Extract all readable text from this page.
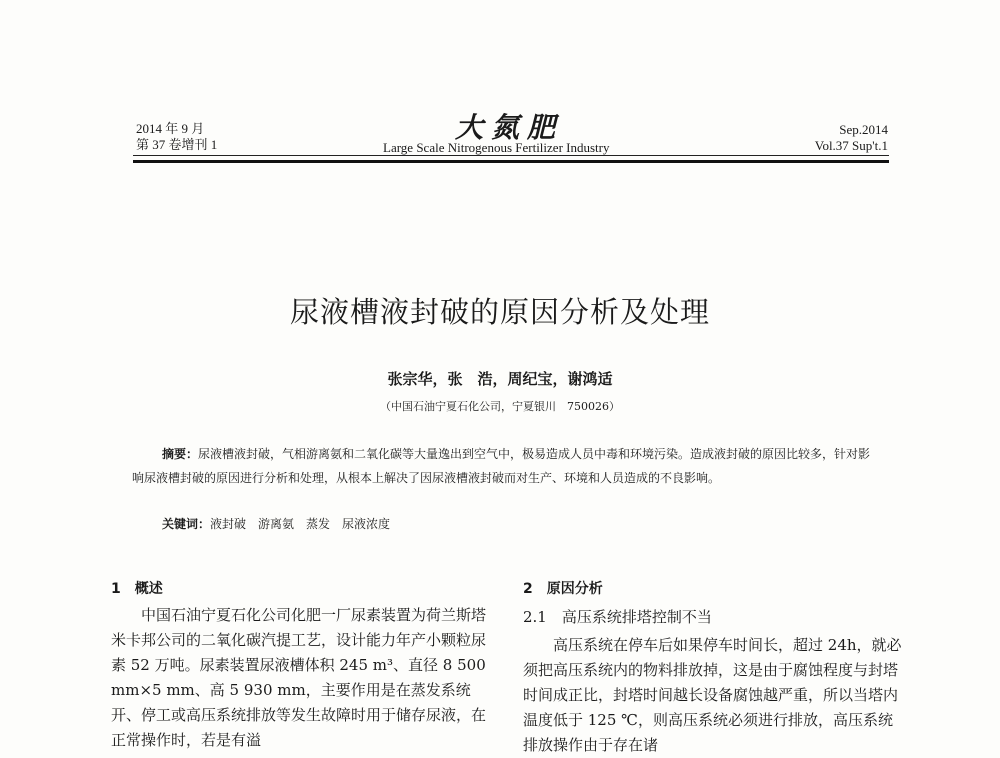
2014 年 9 月
第 37 卷增刊 1
大氮肥
Large Scale Nitrogenous Fertilizer Industry
Sep.2014
Vol.37 Sup't.1
尿液槽液封破的原因分析及处理
张宗华，张　浩，周纪宝，谢鸿适
（中国石油宁夏石化公司，宁夏银川　750026）
摘要：尿液槽液封破，气相游离氨和二氧化碳等大量逸出到空气中，极易造成人员中毒和环境污染。造成液封破的原因比较多，针对影响尿液槽封破的原因进行分析和处理，从根本上解决了因尿液槽液封破而对生产、环境和人员造成的不良影响。
关键词：液封破　游离氨　蒸发　尿液浓度
1　概述
中国石油宁夏石化公司化肥一厂尿素装置为荷兰斯塔米卡邦公司的二氧化碳汽提工艺，设计能力年产小颗粒尿素 52 万吨。尿素装置尿液槽体积 245 m³、直径 8 500 mm×5 mm、高 5 930 mm，主要作用是在蒸发系统开、停工或高压系统排放等发生故障时用于储存尿液，在正常操作时，若是有溢
2　原因分析
2.1　高压系统排塔控制不当
高压系统在停车后如果停车时间长，超过 24h，就必须把高压系统内的物料排放掉，这是由于腐蚀程度与封塔时间成正比，封塔时间越长设备腐蚀越严重，所以当塔内温度低于 125 ℃，则高压系统必须进行排放，高压系统排放操作由于存在诸
